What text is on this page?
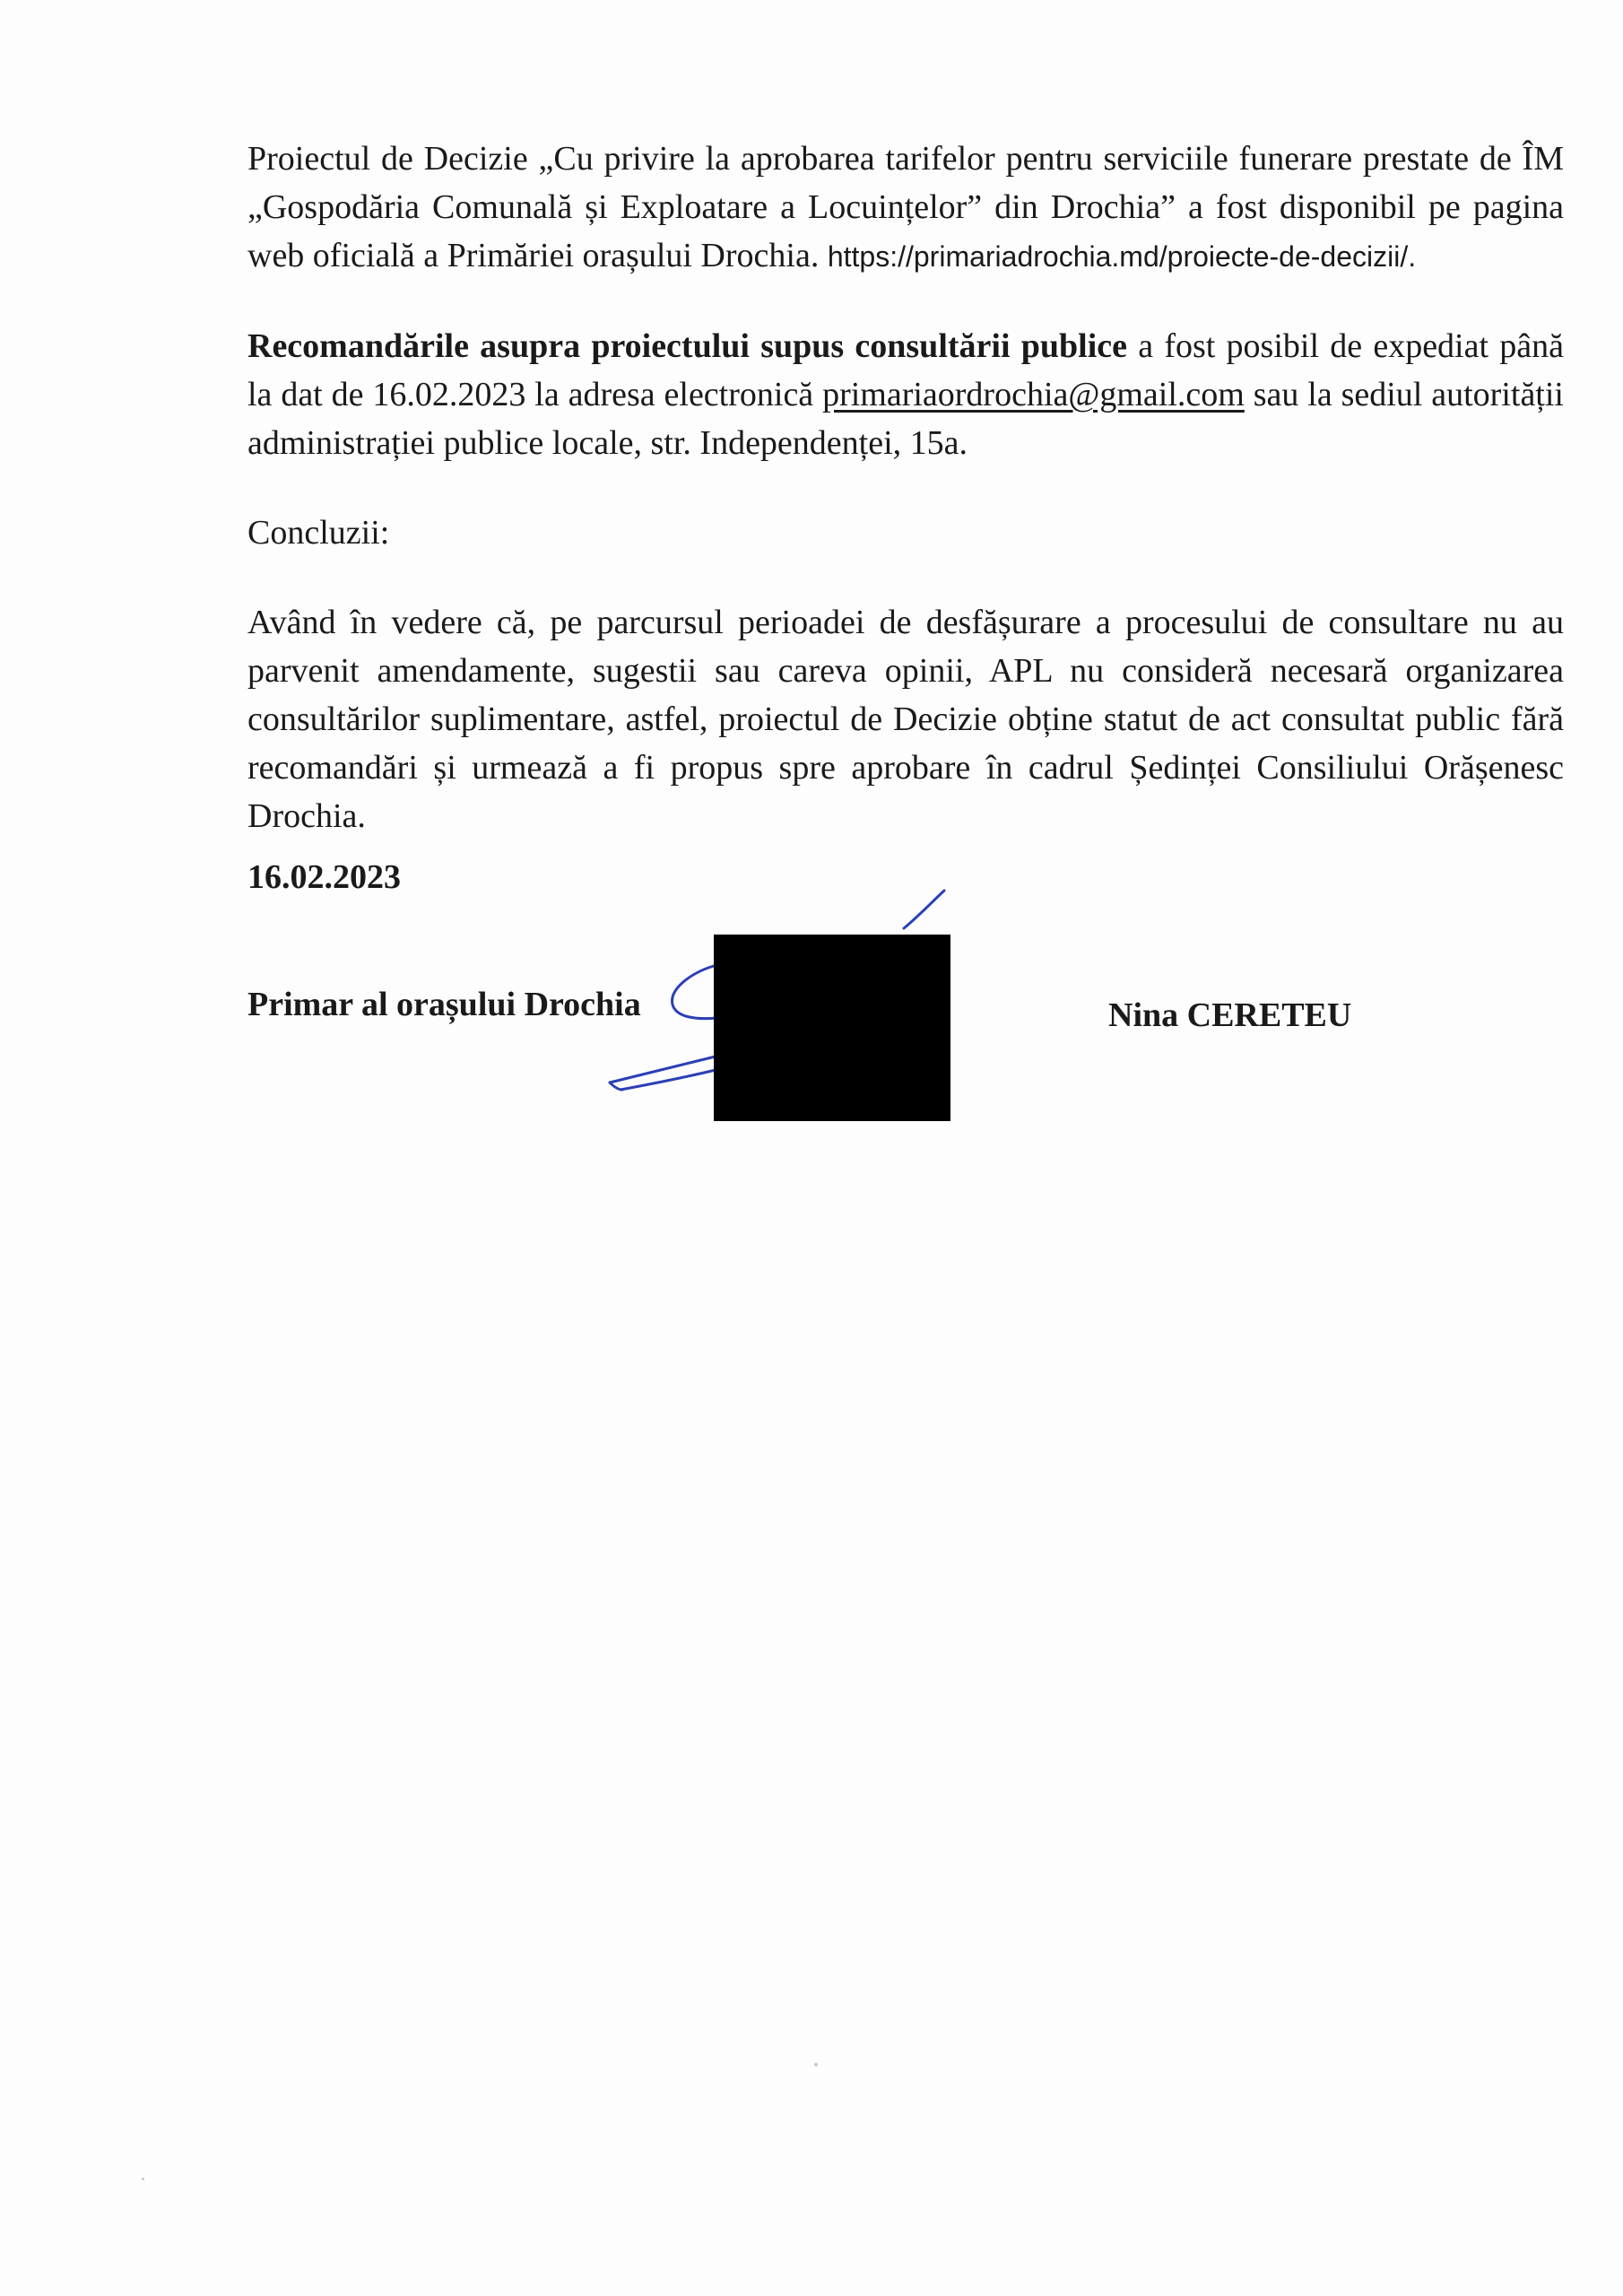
Proiectul de Decizie „Cu privire la aprobarea tarifelor pentru serviciile funerare prestate de ÎM „Gospodăria Comunală și Exploatare a Locuințelor” din Drochia” a fost disponibil pe pagina web oficială a Primăriei orașului Drochia. https://primariadrochia.md/proiecte-de-decizii/.

Recomandările asupra proiectului supus consultării publice a fost posibil de expediat până la dat de 16.02.2023 la adresa electronică primariaordrochia@gmail.com sau la sediul autorității administrației publice locale, str. Independenței, 15a.

Concluzii:

Având în vedere că, pe parcursul perioadei de desfășurare a procesului de consultare nu au parvenit amendamente, sugestii sau careva opinii, APL nu consideră necesară organizarea consultărilor suplimentare, astfel, proiectul de Decizie obține statut de act consultat public fără recomandări și urmează a fi propus spre aprobare în cadrul Ședinței Consiliului Orășenesc Drochia.

16.02.2023
Primar al orașului Drochia	Nina CERETEU
